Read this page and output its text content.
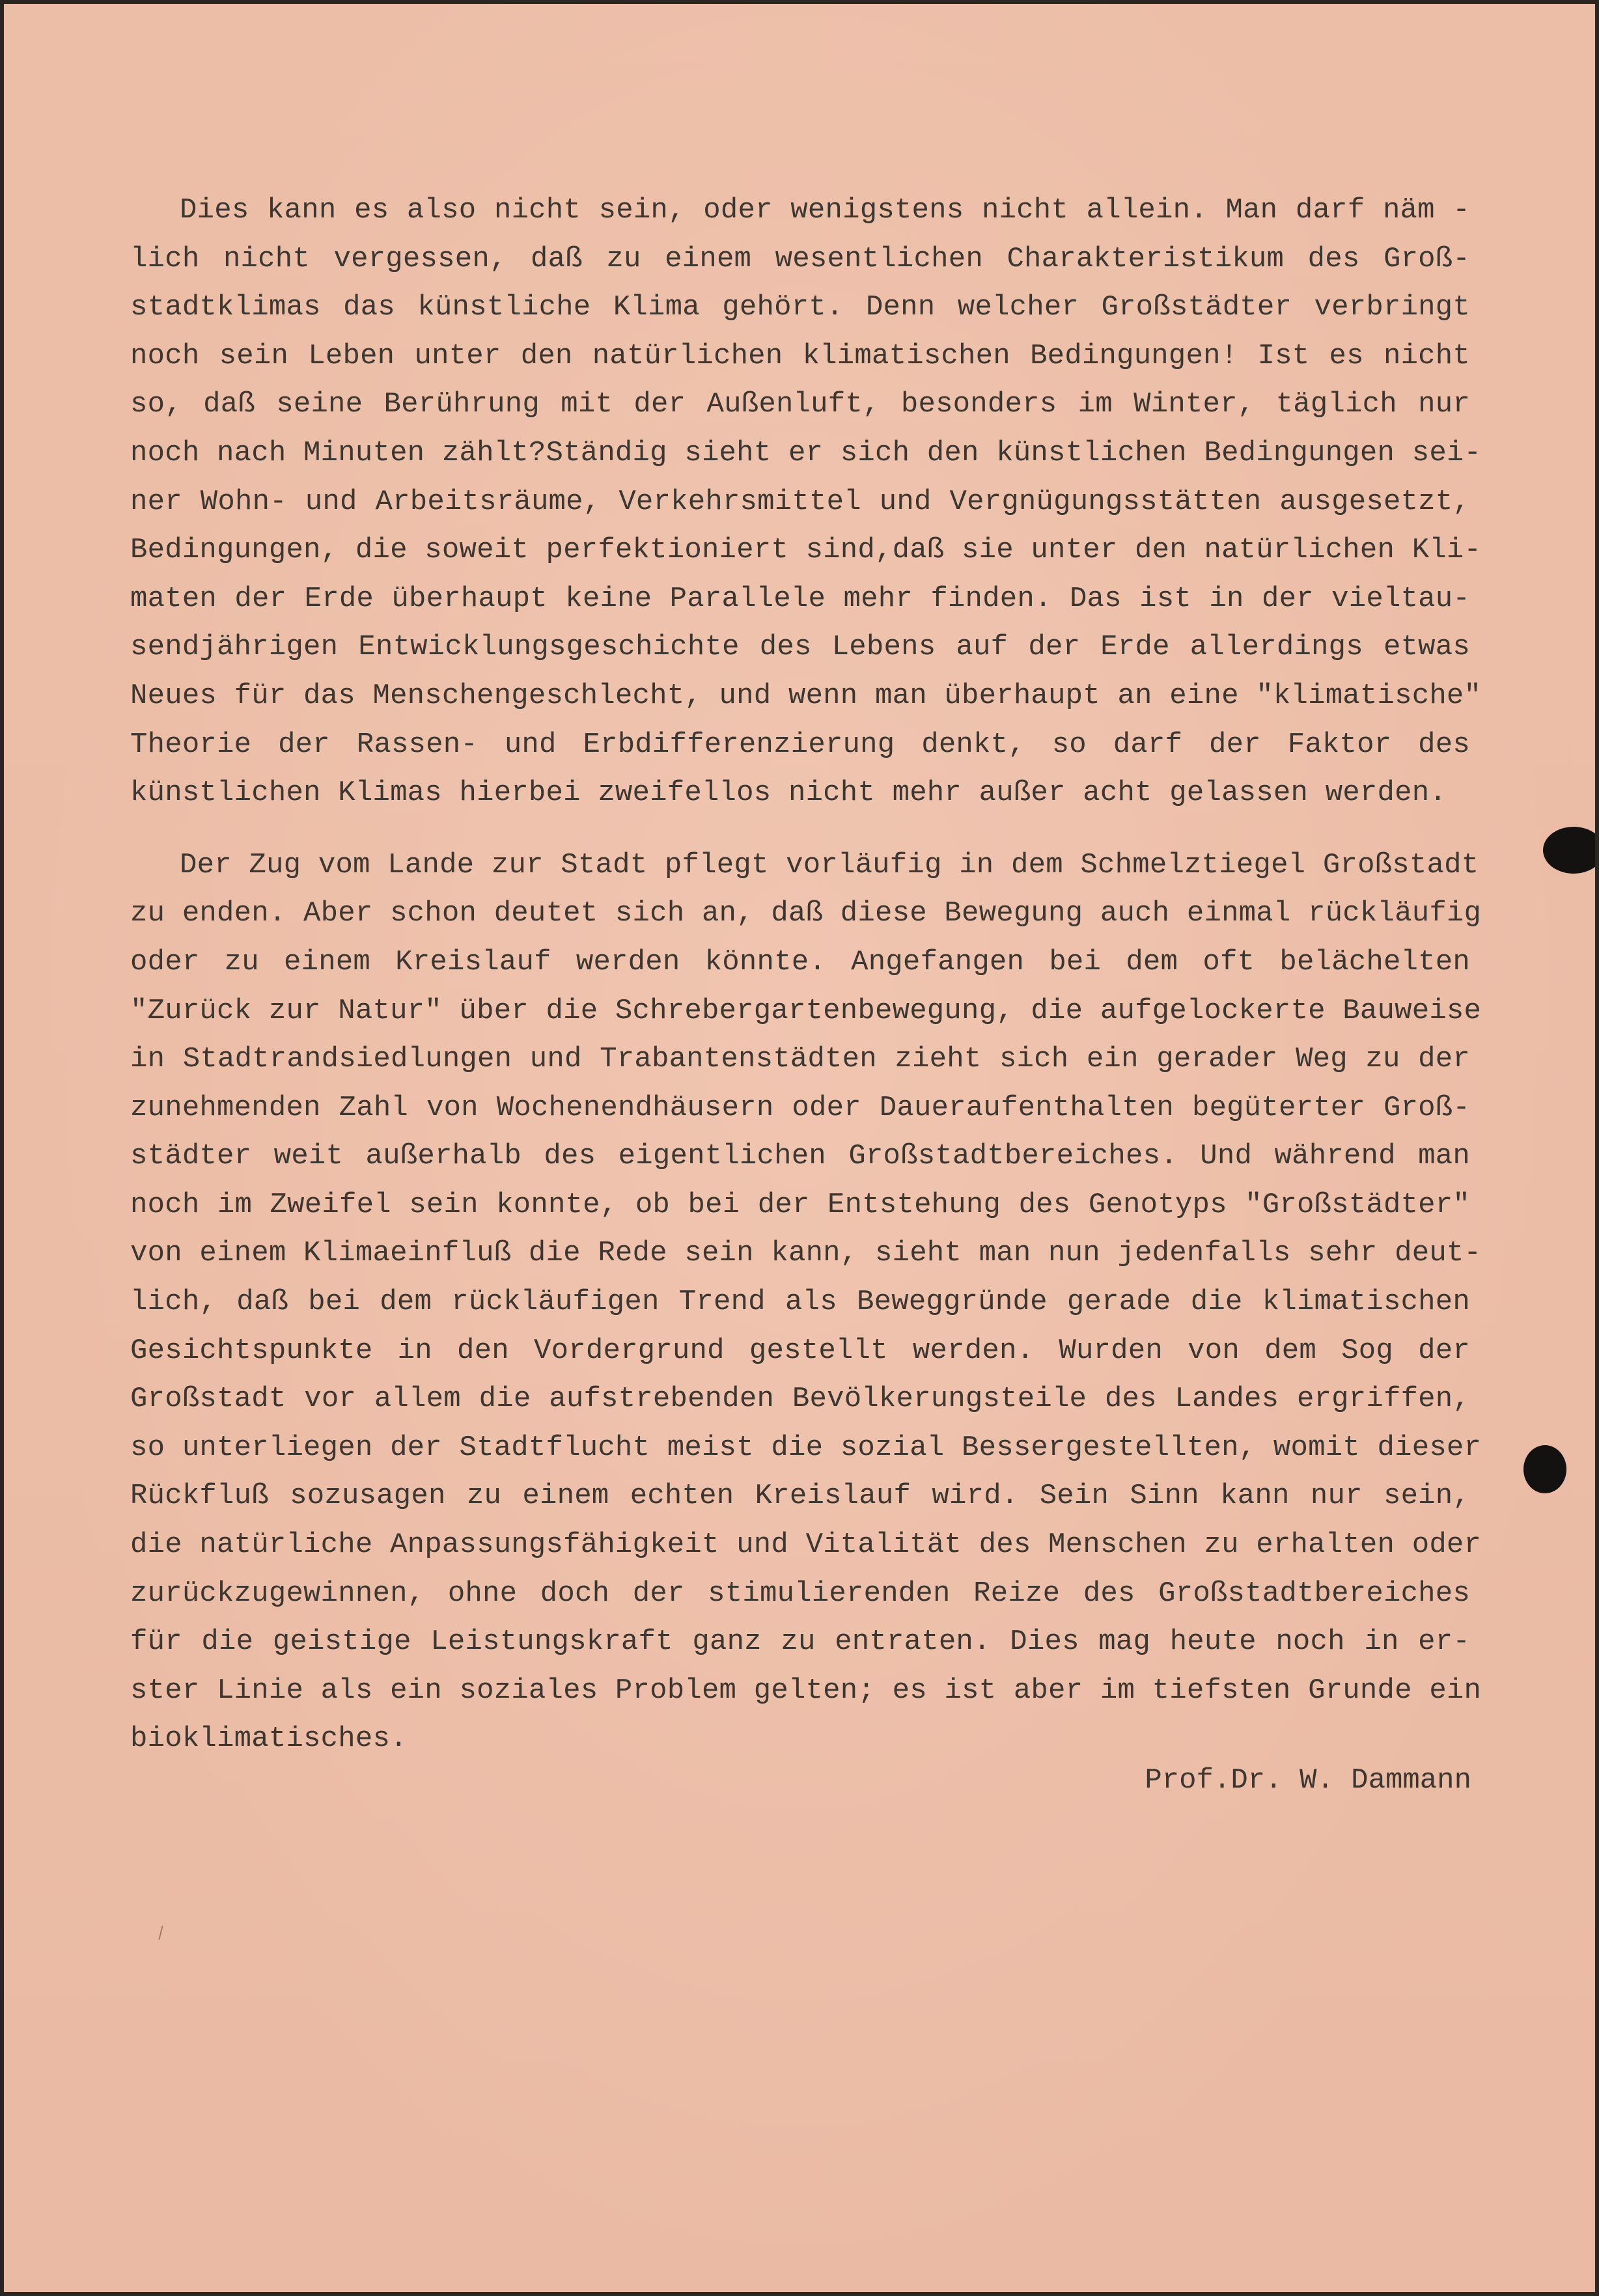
Dies kann es also nicht sein, oder wenigstens nicht allein. Man darf näm -
lich nicht vergessen, daß zu einem wesentlichen Charakteristikum des Groß-
stadtklimas das künstliche Klima gehört. Denn welcher Großstädter verbringt
noch sein Leben unter den natürlichen klimatischen Bedingungen! Ist es nicht
so, daß seine Berührung mit der Außenluft, besonders im Winter, täglich nur
noch nach Minuten zählt?Ständig sieht er sich den künstlichen Bedingungen sei-
ner Wohn- und Arbeitsräume, Verkehrsmittel und Vergnügungsstätten ausgesetzt,
Bedingungen, die soweit perfektioniert sind,daß sie unter den natürlichen Kli-
maten der Erde überhaupt keine Parallele mehr finden. Das ist in der vieltau-
sendjährigen Entwicklungsgeschichte des Lebens auf der Erde allerdings etwas
Neues für das Menschengeschlecht, und wenn man überhaupt an eine "klimatische"
Theorie der Rassen- und Erbdifferenzierung denkt, so darf der Faktor des
künstlichen Klimas hierbei zweifellos nicht mehr außer acht gelassen werden.

Der Zug vom Lande zur Stadt pflegt vorläufig in dem Schmelztiegel Großstadt
zu enden. Aber schon deutet sich an, daß diese Bewegung auch einmal rückläufig
oder zu einem Kreislauf werden könnte. Angefangen bei dem oft belächelten
"Zurück zur Natur" über die Schrebergartenbewegung, die aufgelockerte Bauweise
in Stadtrandsiedlungen und Trabantenstädten zieht sich ein gerader Weg zu der
zunehmenden Zahl von Wochenendhäusern oder Daueraufenthalten begüterter Groß-
städter weit außerhalb des eigentlichen Großstadtbereiches. Und während man
noch im Zweifel sein konnte, ob bei der Entstehung des Genotyps "Großstädter"
von einem Klimaeinfluß die Rede sein kann, sieht man nun jedenfalls sehr deut-
lich, daß bei dem rückläufigen Trend als Beweggründe gerade die klimatischen
Gesichtspunkte in den Vordergrund gestellt werden. Wurden von dem Sog der
Großstadt vor allem die aufstrebenden Bevölkerungsteile des Landes ergriffen,
so unterliegen der Stadtflucht meist die sozial Bessergestellten, womit dieser
Rückfluß sozusagen zu einem echten Kreislauf wird. Sein Sinn kann nur sein,
die natürliche Anpassungsfähigkeit und Vitalität des Menschen zu erhalten oder
zurückzugewinnen, ohne doch der stimulierenden Reize des Großstadtbereiches
für die geistige Leistungskraft ganz zu entraten. Dies mag heute noch in er-
ster Linie als ein soziales Problem gelten; es ist aber im tiefsten Grunde ein
bioklimatisches.

Prof.Dr. W. Dammann
